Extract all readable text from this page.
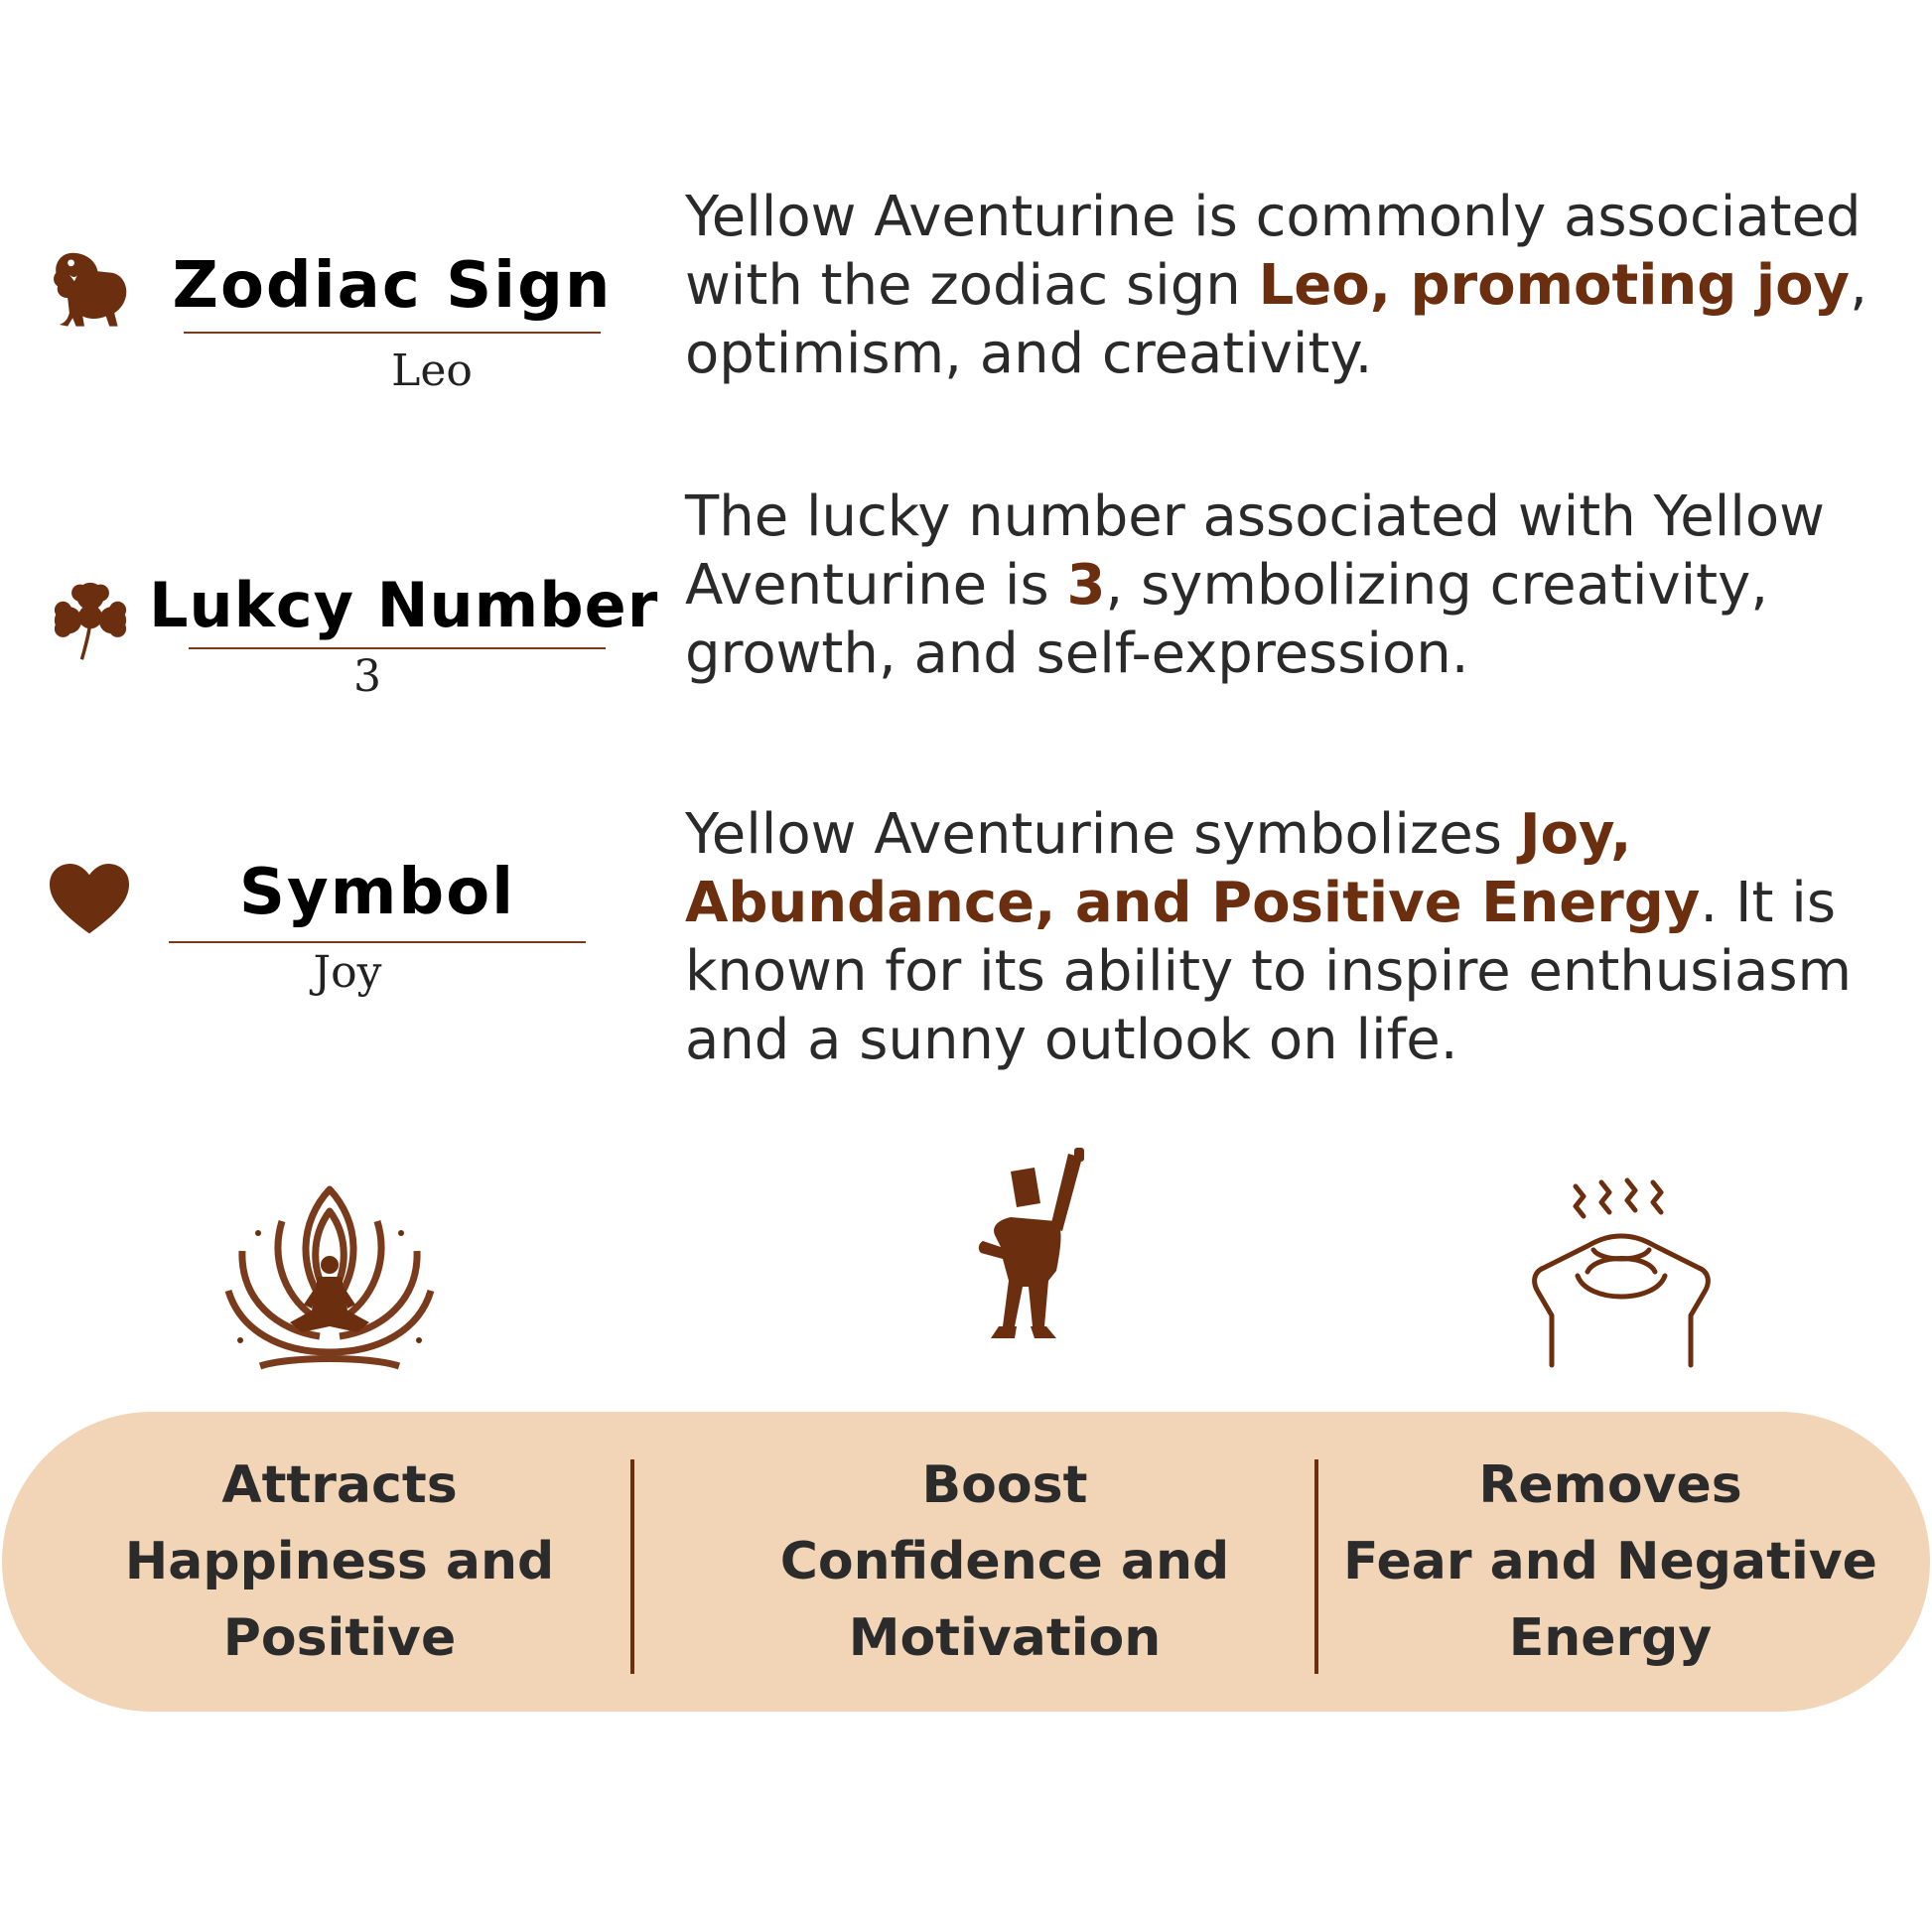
Zodiac Sign
Leo
Yellow Aventurine is commonly associated with the zodiac sign Leo, promoting joy, optimism, and creativity.
Lukcy Number
3
The lucky number associated with Yellow Aventurine is 3, symbolizing creativity, growth, and self-expression.
Symbol
Joy
Yellow Aventurine symbolizes Joy, Abundance, and Positive Energy. It is known for its ability to inspire enthusiasm and a sunny outlook on life.
Attracts
Happiness and
Positive
Boost
Confidence and
Motivation
Removes
Fear and Negative
Energy
